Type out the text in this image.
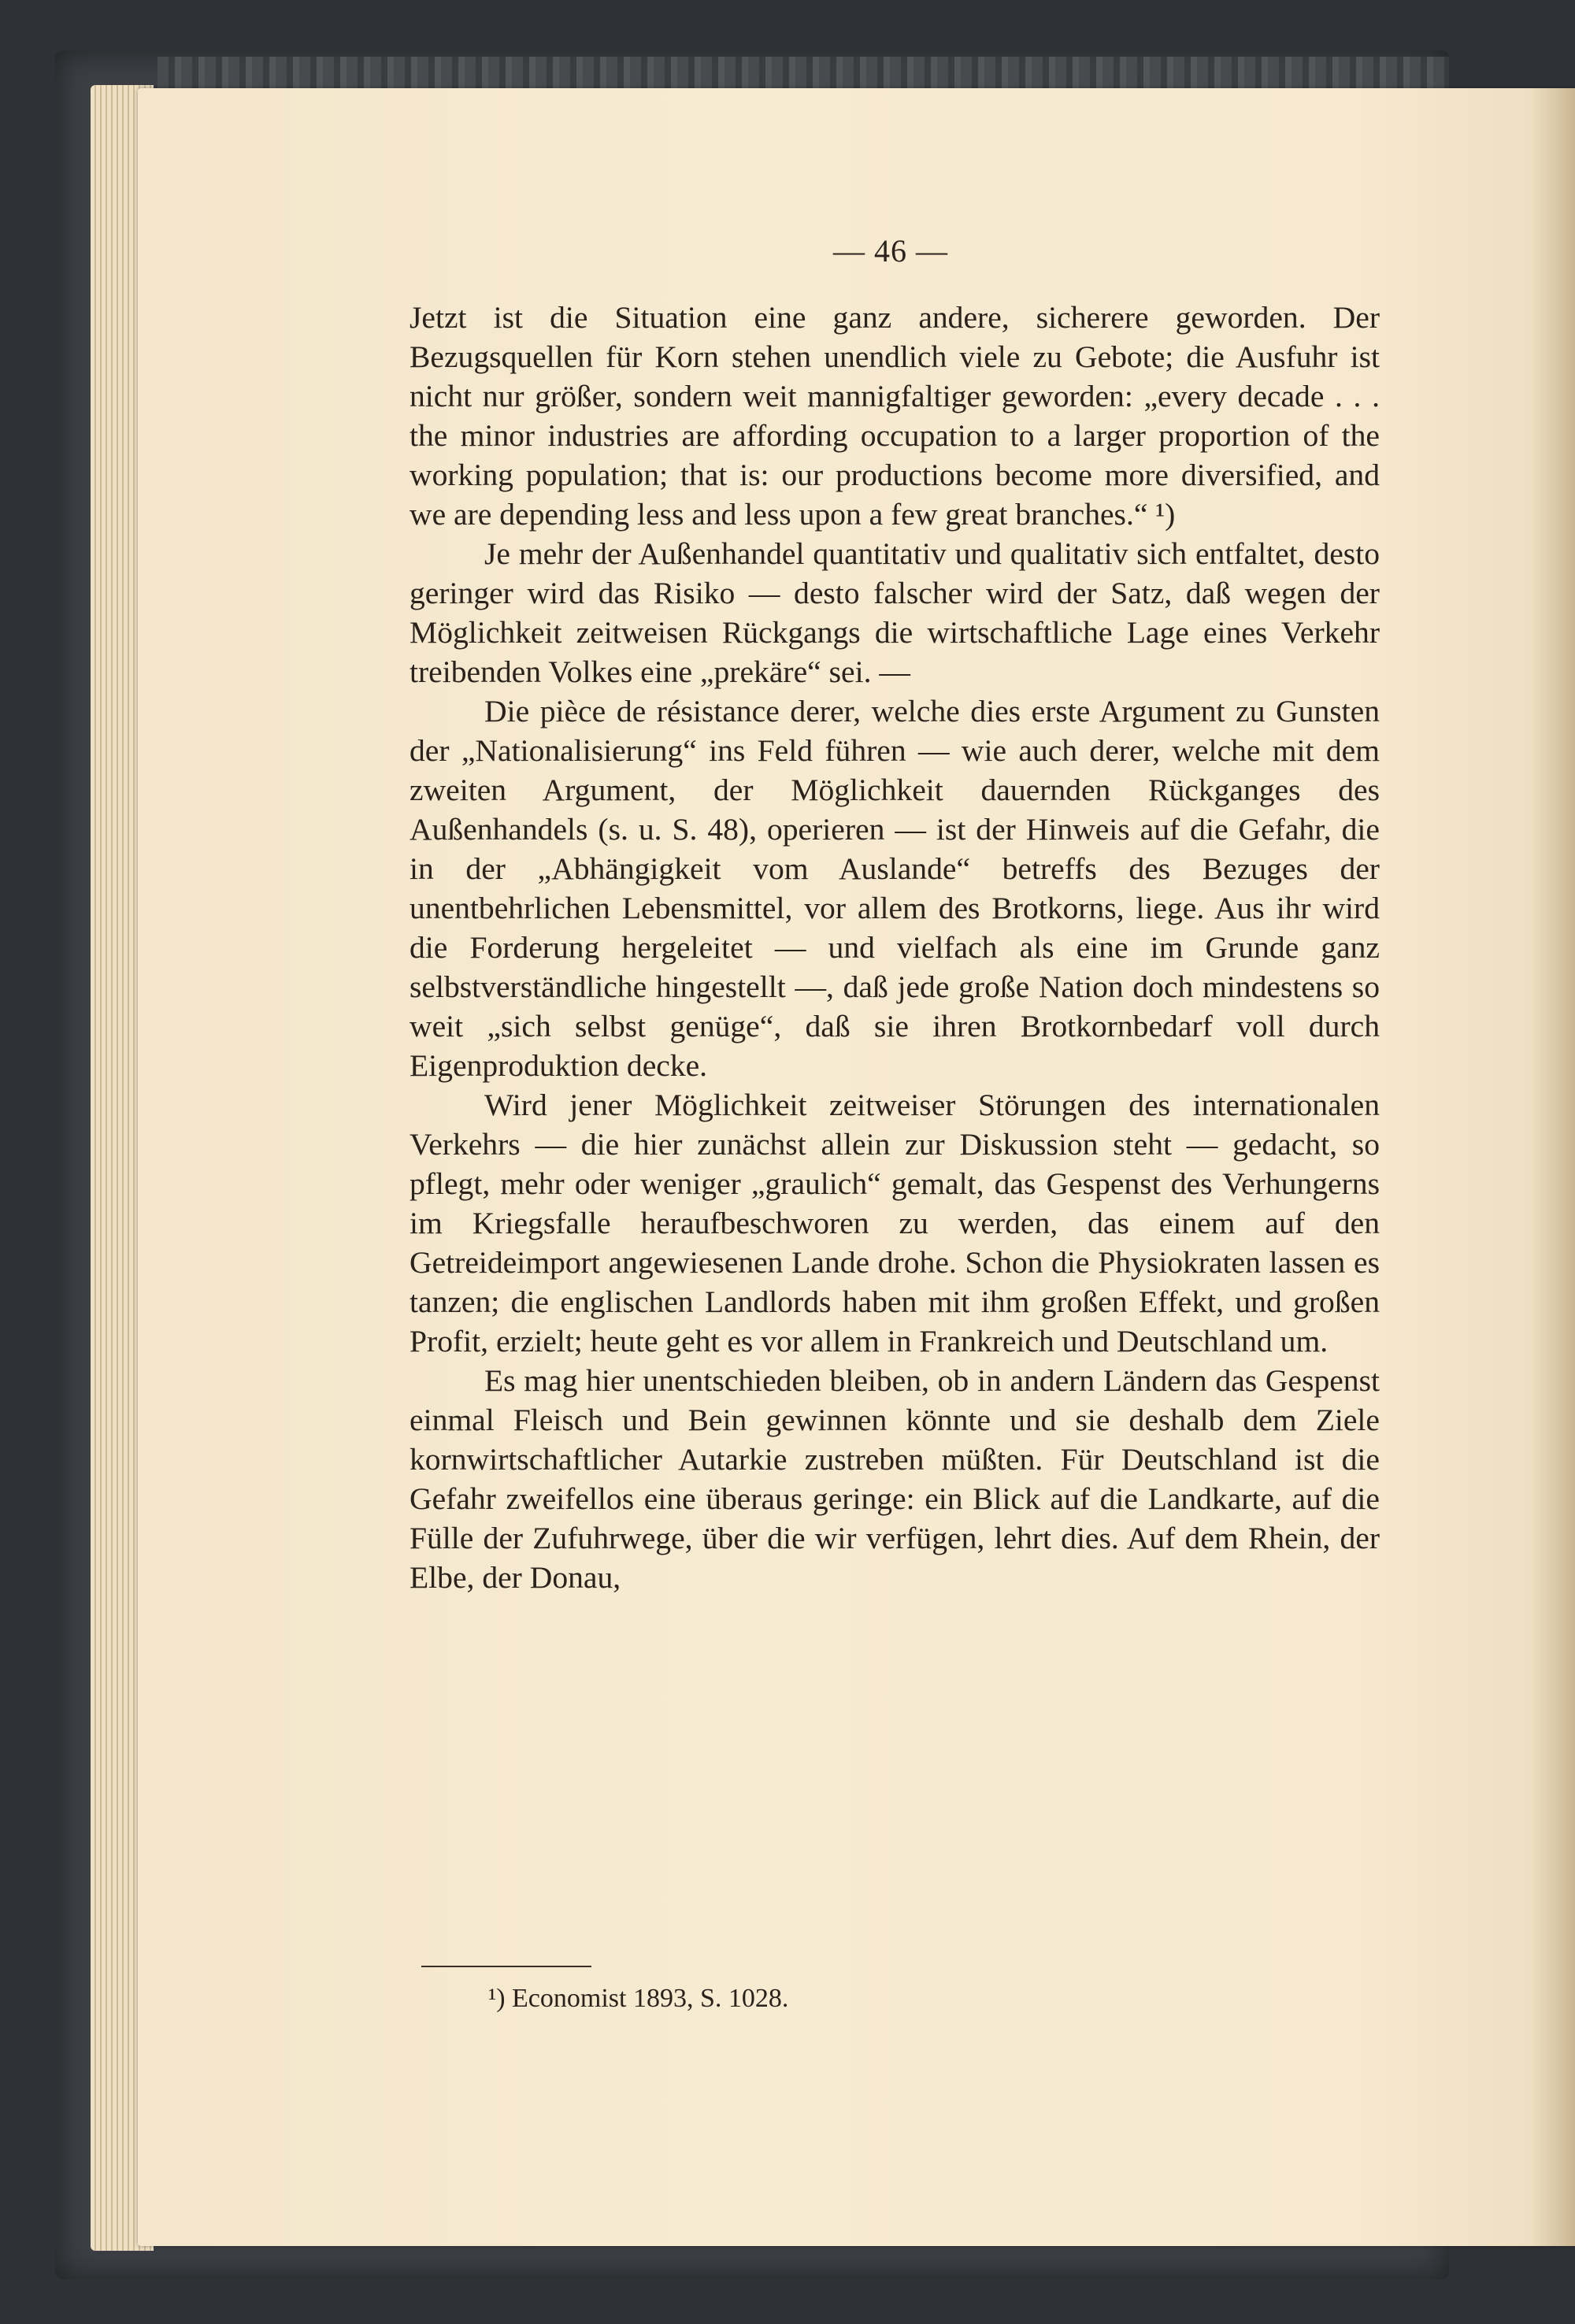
— 46 —

Jetzt ist die Situation eine ganz andere, sicherere geworden. Der Bezugsquellen für Korn stehen unendlich viele zu Gebote; die Ausfuhr ist nicht nur größer, sondern weit mannigfaltiger geworden: „every decade . . . the minor industries are affording occupation to a larger proportion of the working population; that is: our productions become more diversified, and we are depending less and less upon a few great branches.“ ¹)

Je mehr der Außenhandel quantitativ und qualitativ sich entfaltet, desto geringer wird das Risiko — desto falscher wird der Satz, daß wegen der Möglichkeit zeitweisen Rückgangs die wirtschaftliche Lage eines Verkehr treibenden Volkes eine „prekäre“ sei. —

Die pièce de résistance derer, welche dies erste Argument zu Gunsten der „Nationalisierung“ ins Feld führen — wie auch derer, welche mit dem zweiten Argument, der Möglichkeit dauernden Rückganges des Außenhandels (s. u. S. 48), operieren — ist der Hinweis auf die Gefahr, die in der „Abhängigkeit vom Auslande“ betreffs des Bezuges der unentbehrlichen Lebensmittel, vor allem des Brotkorns, liege. Aus ihr wird die Forderung hergeleitet — und vielfach als eine im Grunde ganz selbstverständliche hingestellt —, daß jede große Nation doch mindestens so weit „sich selbst genüge“, daß sie ihren Brotkornbedarf voll durch Eigenproduktion decke.

Wird jener Möglichkeit zeitweiser Störungen des internationalen Verkehrs — die hier zunächst allein zur Diskussion steht — gedacht, so pflegt, mehr oder weniger „graulich“ gemalt, das Gespenst des Verhungerns im Kriegsfalle heraufbeschworen zu werden, das einem auf den Getreideimport angewiesenen Lande drohe. Schon die Physiokraten lassen es tanzen; die englischen Landlords haben mit ihm großen Effekt, und großen Profit, erzielt; heute geht es vor allem in Frankreich und Deutschland um.

Es mag hier unentschieden bleiben, ob in andern Ländern das Gespenst einmal Fleisch und Bein gewinnen könnte und sie deshalb dem Ziele kornwirtschaftlicher Autarkie zustreben müßten. Für Deutschland ist die Gefahr zweifellos eine überaus geringe: ein Blick auf die Landkarte, auf die Fülle der Zufuhrwege, über die wir verfügen, lehrt dies. Auf dem Rhein, der Elbe, der Donau,

¹) Economist 1893, S. 1028.
